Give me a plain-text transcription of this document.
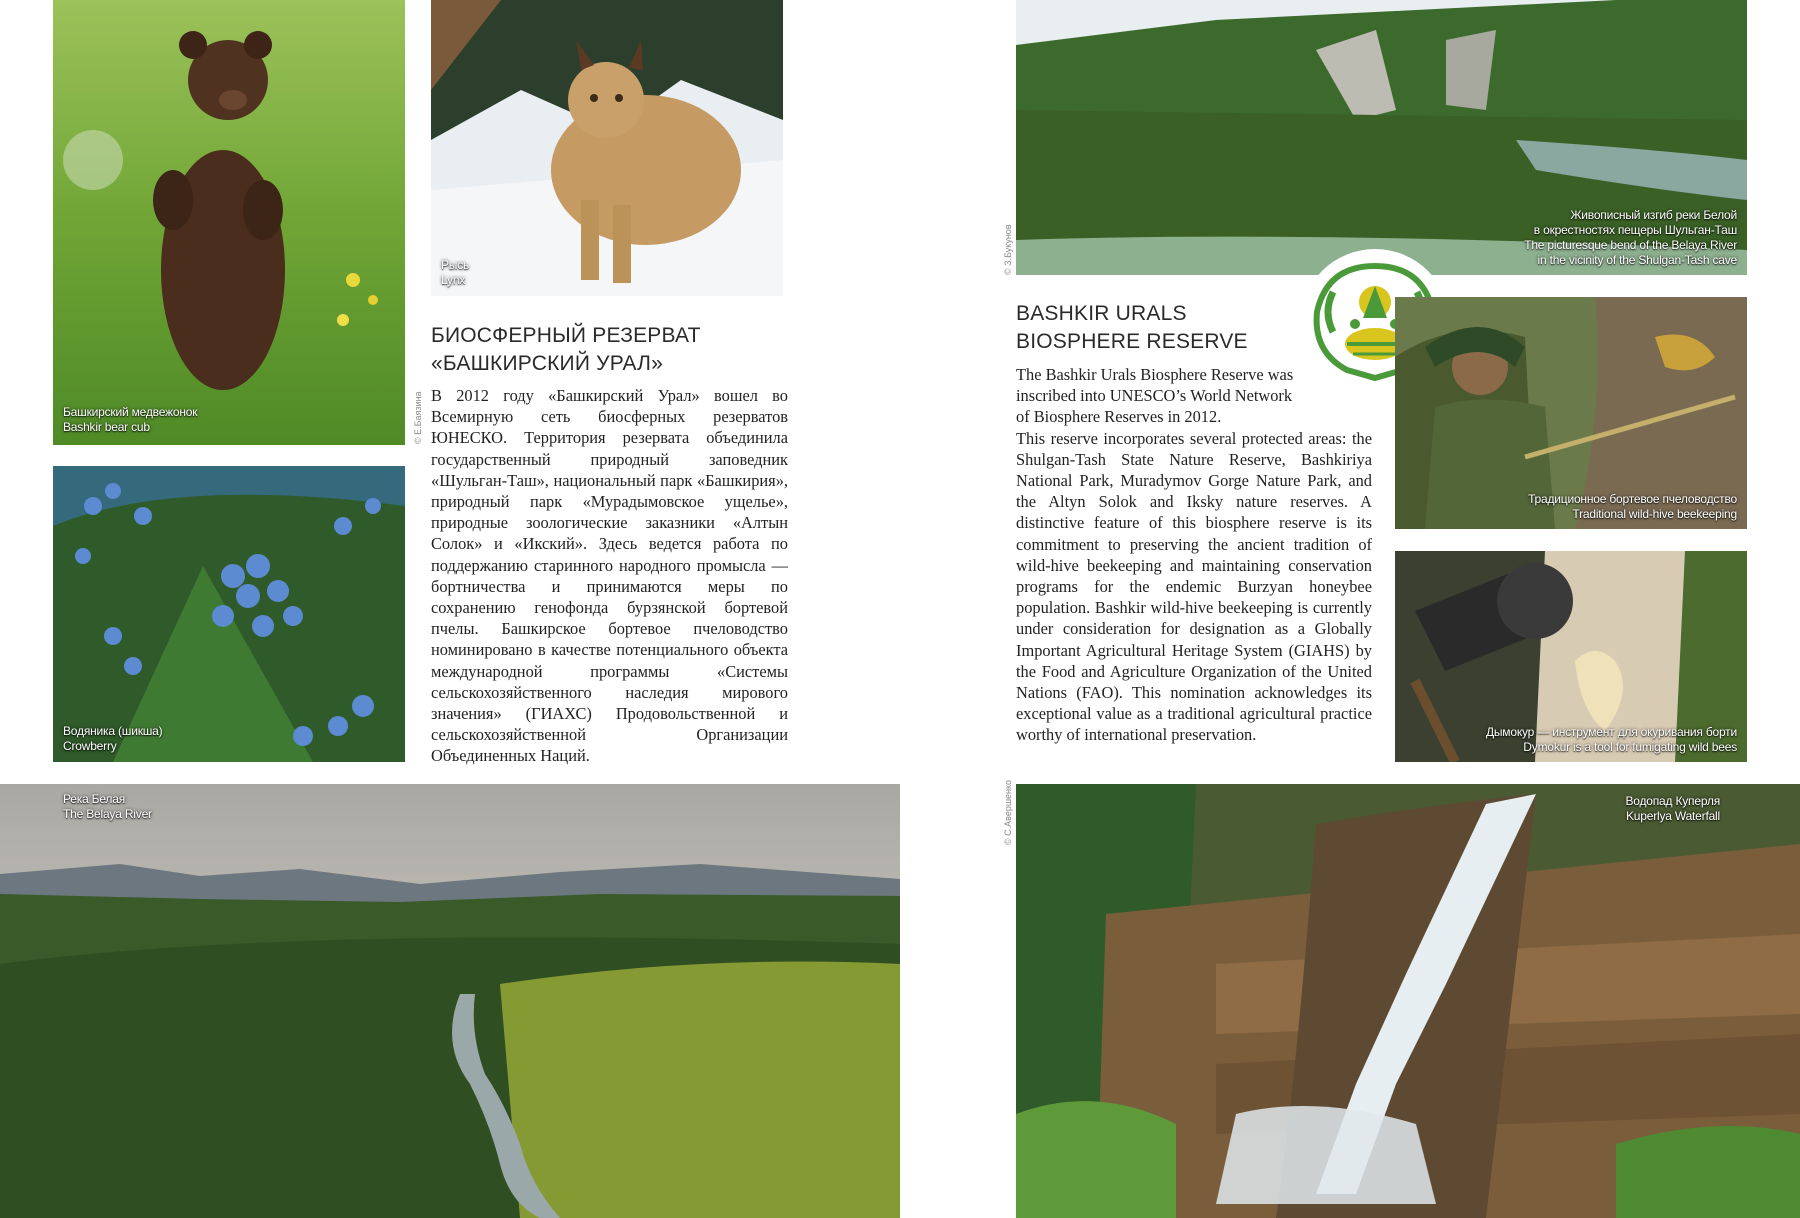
Башкирский медвежонок
Bashkir bear cub
Рысь
Lynx
Водяника (шикша)
Crowberry
© Е.Баязина
БИОСФЕРНЫЙ РЕЗЕРВАТ
«БАШКИРСКИЙ УРАЛ»

В 2012 году «Башкирский Урал» вошел во Всемирную сеть биосферных резерватов ЮНЕСКО. Территория резервата объединила государственный природный заповедник «Шульган-Таш», национальный парк «Башкирия», природный парк «Мурадымовское ущелье», природные зоологические заказники «Алтын Солок» и «Икский». Здесь ведется работа по поддержанию старинного народного промысла — бортничества и принимаются меры по сохранению генофонда бурзянской бортевой пчелы. Башкирское бортевое пчеловодство номинировано в качестве потенциального объекта международной программы «Системы сельскохозяйственного наследия мирового значения» (ГИАХС) Продовольственной и сельскохозяйственной Организации Объединенных Наций.

Река Белая
The Belaya River
Живописный изгиб реки Белой
в окрестностях пещеры Шульган-Таш
The picturesque bend of the Belaya River
in the vicinity of the Shulgan-Tash cave
© З.Букунов
BASHKIR URALS
BIOSPHERE RESERVE

The Bashkir Urals Biosphere Reserve was inscribed into UNESCO’s World Network of Biosphere Reserves in 2012.

This reserve incorporates several protected areas: the Shulgan-Tash State Nature Reserve, Bashkiriya National Park, Muradymov Gorge Nature Park, and the Altyn Solok and Iksky nature reserves. A distinctive feature of this biosphere reserve is its commitment to preserving the ancient tradition of wild-hive beekeeping and maintaining conservation programs for the endemic Burzyan honeybee population. Bashkir wild-hive beekeeping is currently under consideration for designation as a Globally Important Agricultural Heritage System (GIAHS) by the Food and Agriculture Organization of the United Nations (FAO). This nomination acknowledges its exceptional value as a traditional agricultural practice worthy of international preservation.

Традиционное бортевое пчеловодство
Traditional wild-hive beekeeping
Дымокур — инструмент для окуривания борти
Dymokur is a tool for fumigating wild bees
© С.Авершенко	Водопад Куперля
Kuperlya Waterfall
